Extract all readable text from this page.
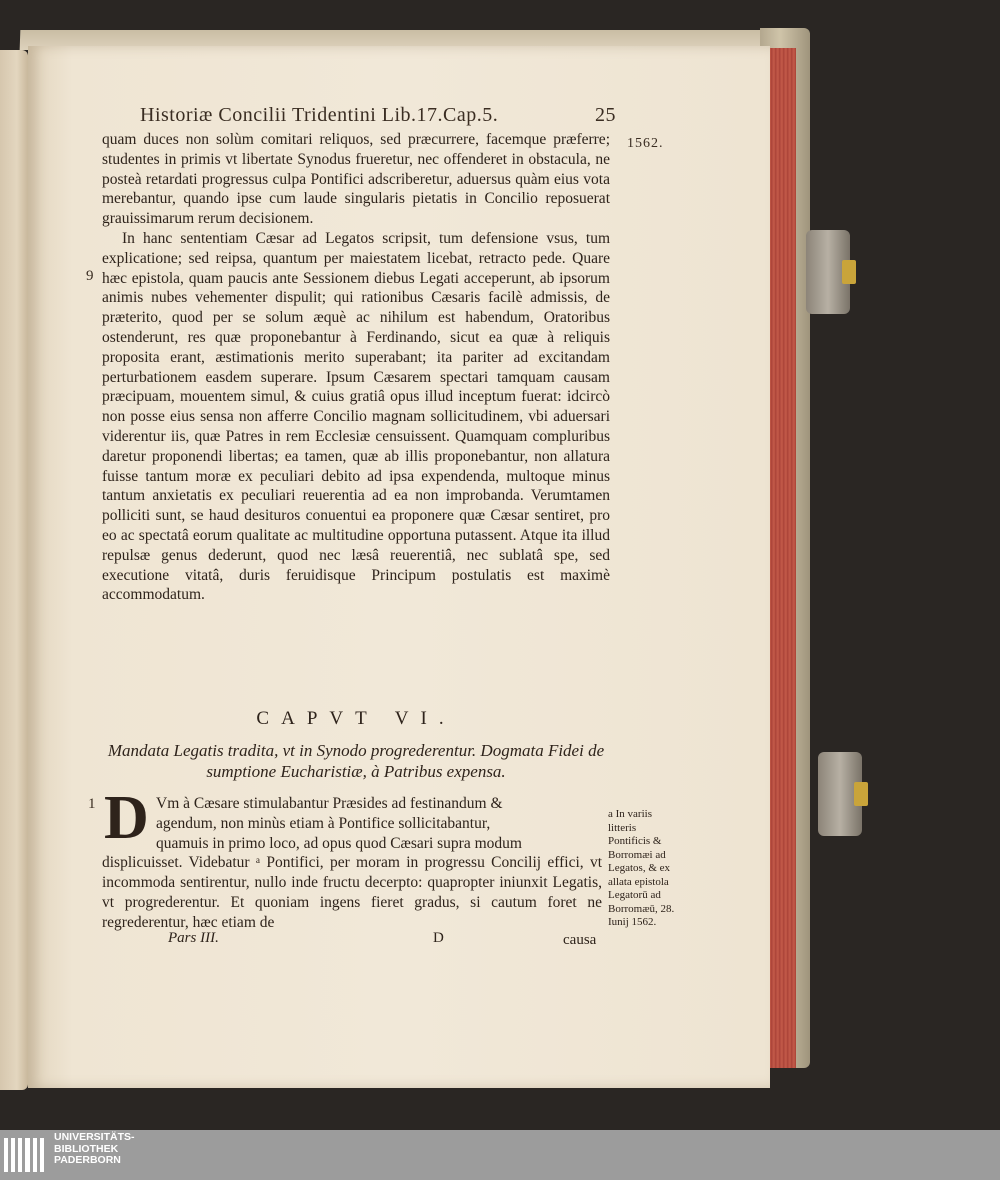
Historiæ Concilii Tridentini Lib.17.Cap.5.	25
1562.
9
1

quam duces non solùm comitari reliquos, sed præcurrere, facemque præferre; studentes in primis vt libertate Synodus frueretur, nec offenderet in obstacula, ne posteà retardati progressus culpa Pontifici adscriberetur, aduersus quàm eius vota merebantur, quando ipse cum laude singularis pietatis in Concilio reposuerat grauissimarum rerum decisionem.

In hanc sententiam Cæsar ad Legatos scripsit, tum defensione vsus, tum explicatione; sed reipsa, quantum per maiestatem licebat, retracto pede. Quare hæc epistola, quam paucis ante Sessionem diebus Legati acceperunt, ab ipsorum animis nubes vehementer dispulit; qui rationibus Cæsaris facilè admissis, de præterito, quod per se solum æquè ac nihilum est habendum, Oratoribus ostenderunt, res quæ proponebantur à Ferdinando, sicut ea quæ à reliquis proposita erant, æstimationis merito superabant; ita pariter ad excitandam perturbationem easdem superare. Ipsum Cæsarem spectari tamquam causam præcipuam, mouentem simul, & cuius gratiâ opus illud inceptum fuerat: idcircò non posse eius sensa non afferre Concilio magnam sollicitudinem, vbi aduersari viderentur iis, quæ Patres in rem Ecclesiæ censuissent. Quamquam compluribus daretur proponendi libertas; ea tamen, quæ ab illis proponebantur, non allatura fuisse tantum moræ ex peculiari debito ad ipsa expendenda, multoque minus tantum anxietatis ex peculiari reuerentia ad ea non improbanda. Verumtamen polliciti sunt, se haud desituros conuentui ea proponere quæ Cæsar sentiret, pro eo ac spectatâ eorum qualitate ac multitudine opportuna putassent. Atque ita illud repulsæ genus dederunt, quod nec læsâ reuerentiâ, nec sublatâ spe, sed executione vitatâ, duris feruidisque Principum postulatis est maximè accommodatum.

CAPVT VI.
Mandata Legatis tradita, vt in Synodo progrederentur. Dogmata Fidei de sumptione Eucharistiæ, à Patribus expensa.
D Vm à Cæsare stimulabantur Præsides ad festinandum &
agendum, non minùs etiam à Pontifice sollicitabantur,
quamuis in primo loco, ad opus quod Cæsari supra modum
displicuisset. Videbatur ᵃ Pontifici, per moram in progressu Concilij effici, vt incommoda sentirentur, nullo inde fructu decerpto: quapropter iniunxit Legatis, vt progrederentur. Et quoniam ingens fieret gradus, si cautum foret ne regrederentur, hæc etiam de
a In variis litteris Pontificis & Borromæi ad Legatos, & ex allata epistola Legatorū ad Borromæū, 28. Iunij 1562.
Pars III.	D	causa
UNIVERSITÄTS-
BIBLIOTHEK
PADERBORN
